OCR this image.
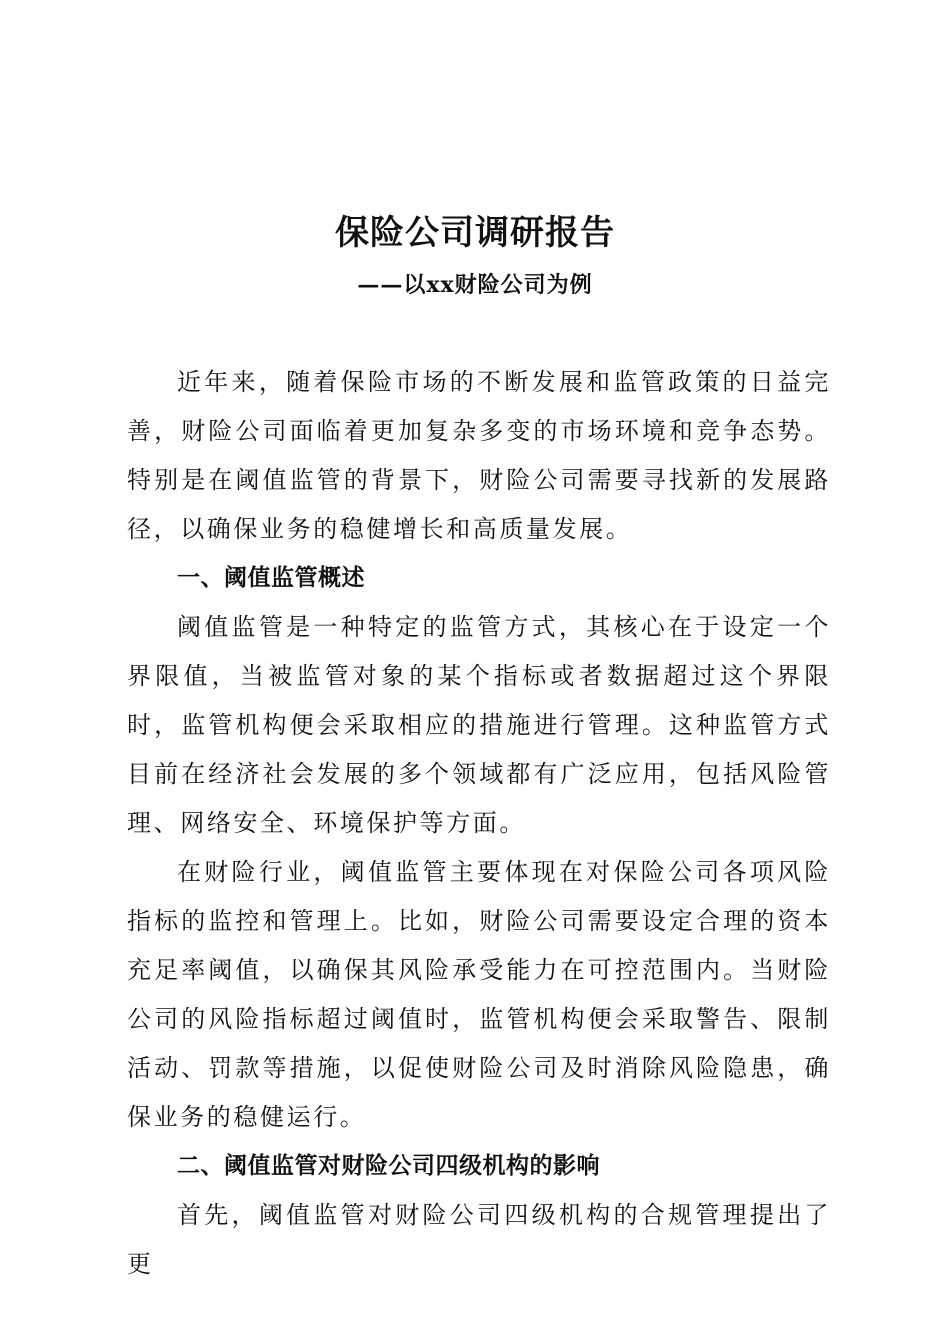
保险公司调研报告
——以xx财险公司为例

近年来，随着保险市场的不断发展和监管政策的日益完善，财险公司面临着更加复杂多变的市场环境和竞争态势。特别是在阈值监管的背景下，财险公司需要寻找新的发展路径，以确保业务的稳健增长和高质量发展。

一、阈值监管概述

阈值监管是一种特定的监管方式，其核心在于设定一个界限值，当被监管对象的某个指标或者数据超过这个界限时，监管机构便会采取相应的措施进行管理。这种监管方式目前在经济社会发展的多个领域都有广泛应用，包括风险管理、网络安全、环境保护等方面。

在财险行业，阈值监管主要体现在对保险公司各项风险指标的监控和管理上。比如，财险公司需要设定合理的资本充足率阈值，以确保其风险承受能力在可控范围内。当财险公司的风险指标超过阈值时，监管机构便会采取警告、限制活动、罚款等措施，以促使财险公司及时消除风险隐患，确保业务的稳健运行。

二、阈值监管对财险公司四级机构的影响

首先，阈值监管对财险公司四级机构的合规管理提出了更
